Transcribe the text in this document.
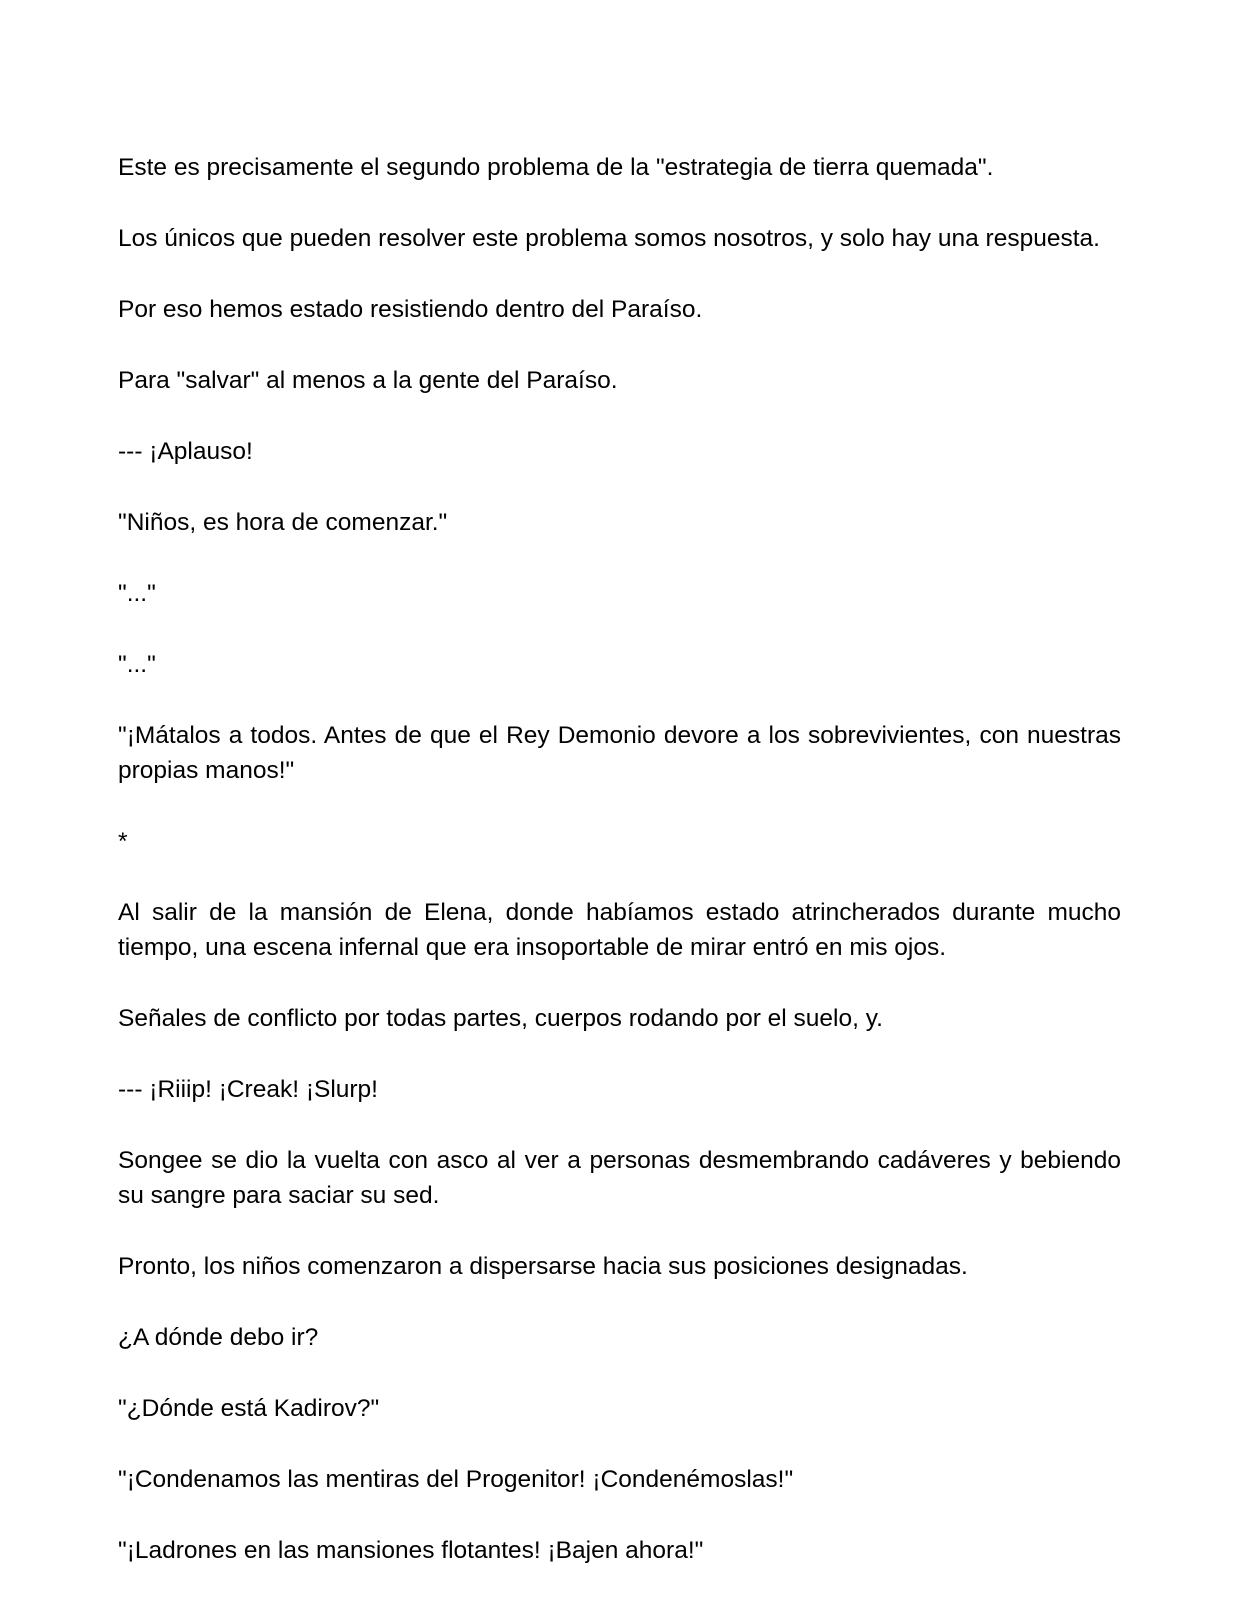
Este es precisamente el segundo problema de la "estrategia de tierra quemada".

Los únicos que pueden resolver este problema somos nosotros, y solo hay una respuesta.

Por eso hemos estado resistiendo dentro del Paraíso.

Para "salvar" al menos a la gente del Paraíso.

--- ¡Aplauso!

"Niños, es hora de comenzar."

"..."

"..."

"¡Mátalos a todos. Antes de que el Rey Demonio devore a los sobrevivientes, con nuestras propias manos!"

*

Al salir de la mansión de Elena, donde habíamos estado atrincherados durante mucho tiempo, una escena infernal que era insoportable de mirar entró en mis ojos.

Señales de conflicto por todas partes, cuerpos rodando por el suelo, y.

--- ¡Riiip! ¡Creak! ¡Slurp!

Songee se dio la vuelta con asco al ver a personas desmembrando cadáveres y bebiendo su sangre para saciar su sed.

Pronto, los niños comenzaron a dispersarse hacia sus posiciones designadas.

¿A dónde debo ir?

"¿Dónde está Kadirov?"

"¡Condenamos las mentiras del Progenitor! ¡Condenémoslas!"

"¡Ladrones en las mansiones flotantes! ¡Bajen ahora!"
